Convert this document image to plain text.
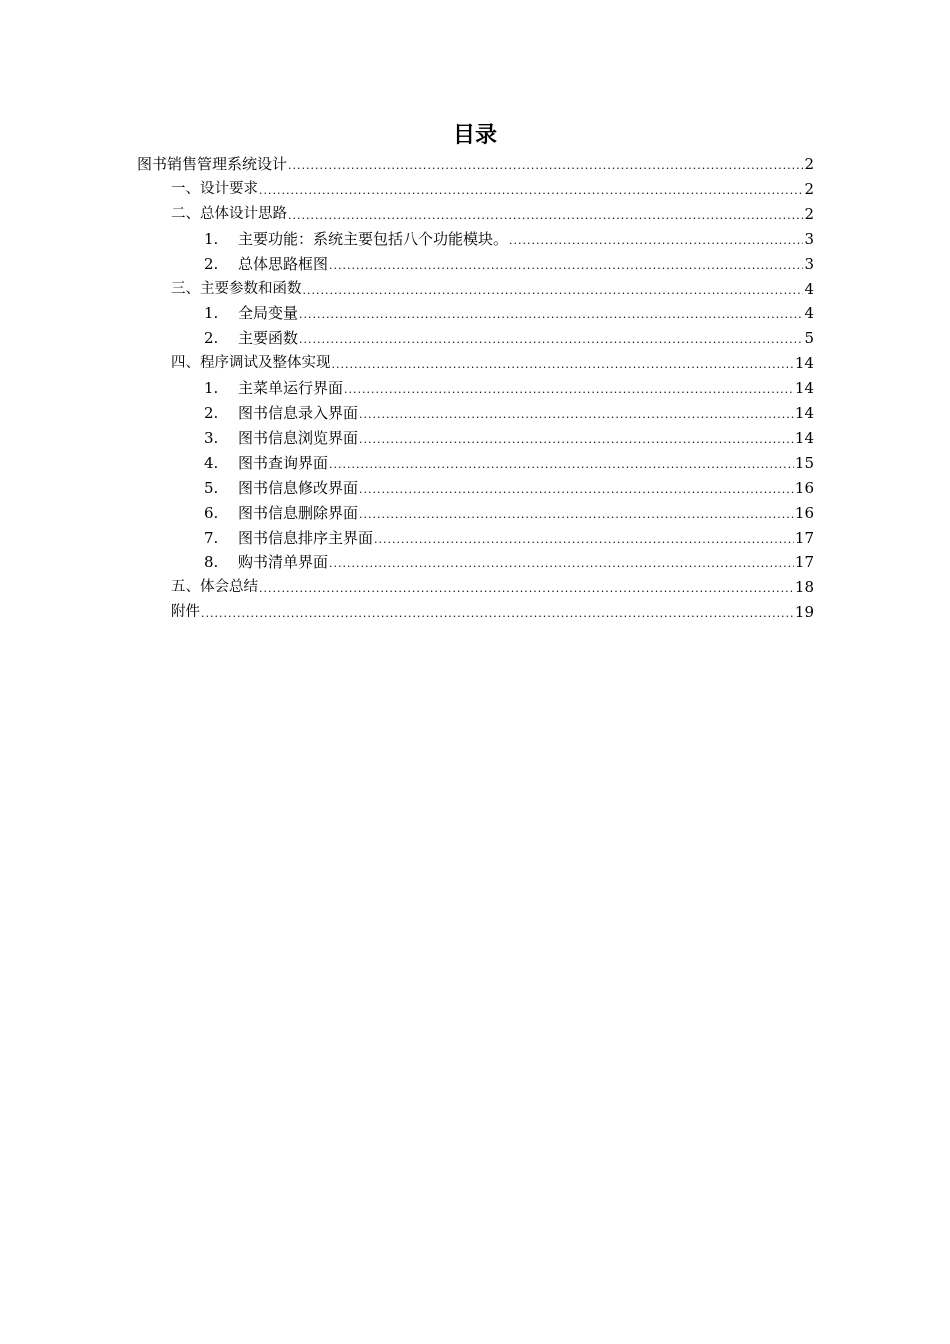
目录
图书销售管理系统设计 .....	2
一、设计要求 .....	2
二、总体设计思路 .....	2
1.	主要功能：系统主要包括八个功能模块。 .....	3
2.	总体思路框图 .....	3
三、主要参数和函数 .....	4
1.	全局变量 .....	4
2.	主要函数 .....	5
四、程序调试及整体实现 .....	14
1.	主菜单运行界面 .....	14
2.	图书信息录入界面 .....	14
3.	图书信息浏览界面 .....	14
4.	图书查询界面 .....	15
5.	图书信息修改界面 .....	16
6.	图书信息删除界面 .....	16
7.	图书信息排序主界面 .....	17
8.	购书清单界面 .....	17
五、体会总结 .....	18
附件 .....	19
